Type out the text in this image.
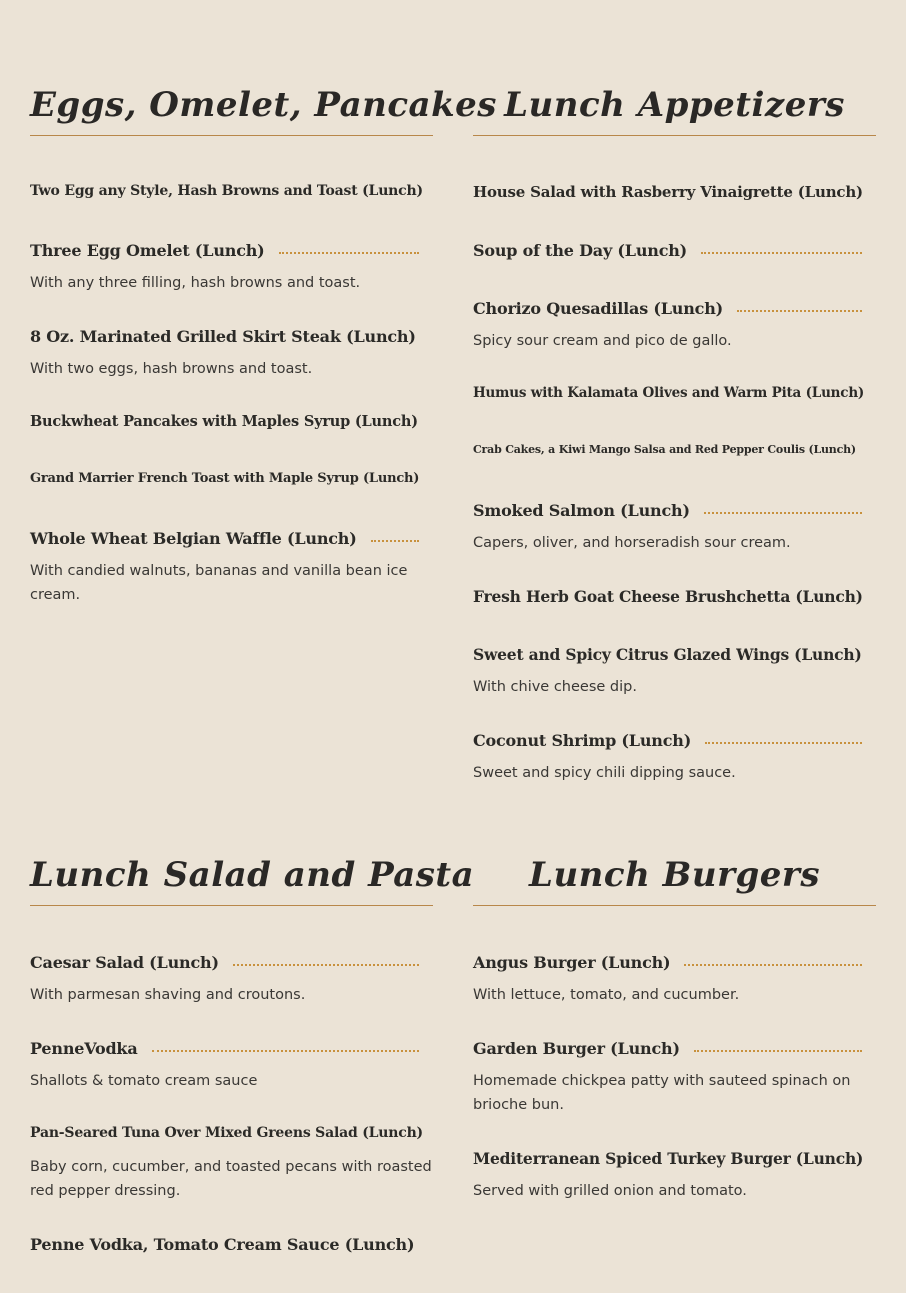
Eggs, Omelet, Pancakes
Two Egg any Style, Hash Browns and Toast (Lunch)
Three Egg Omelet (Lunch)
With any three filling, hash browns and toast.
8 Oz. Marinated Grilled Skirt Steak (Lunch)
With two eggs, hash browns and toast.
Buckwheat Pancakes with Maples Syrup (Lunch)
Grand Marrier French Toast with Maple Syrup (Lunch)
Whole Wheat Belgian Waffle (Lunch)
With candied walnuts, bananas and vanilla bean ice cream.
Lunch Appetizers
House Salad with Rasberry Vinaigrette (Lunch)
Soup of the Day (Lunch)
Chorizo Quesadillas (Lunch)
Spicy sour cream and pico de gallo.
Humus with Kalamata Olives and Warm Pita (Lunch)
Crab Cakes, a Kiwi Mango Salsa and Red Pepper Coulis (Lunch)
Smoked Salmon (Lunch)
Capers, oliver, and horseradish sour cream.
Fresh Herb Goat Cheese Brushchetta (Lunch)
Sweet and Spicy Citrus Glazed Wings (Lunch)
With chive cheese dip.
Coconut Shrimp (Lunch)
Sweet and spicy chili dipping sauce.
Lunch Salad and Pasta
Caesar Salad (Lunch)
With parmesan shaving and croutons.
PenneVodka
Shallots & tomato cream sauce
Pan-Seared Tuna Over Mixed Greens Salad (Lunch)
Baby corn, cucumber, and toasted pecans with roasted red pepper dressing.
Penne Vodka, Tomato Cream Sauce (Lunch)
Lunch Burgers
Angus Burger (Lunch)
With lettuce, tomato, and cucumber.
Garden Burger (Lunch)
Homemade chickpea patty with sauteed spinach on brioche bun.
Mediterranean Spiced Turkey Burger (Lunch)
Served with grilled onion and tomato.
